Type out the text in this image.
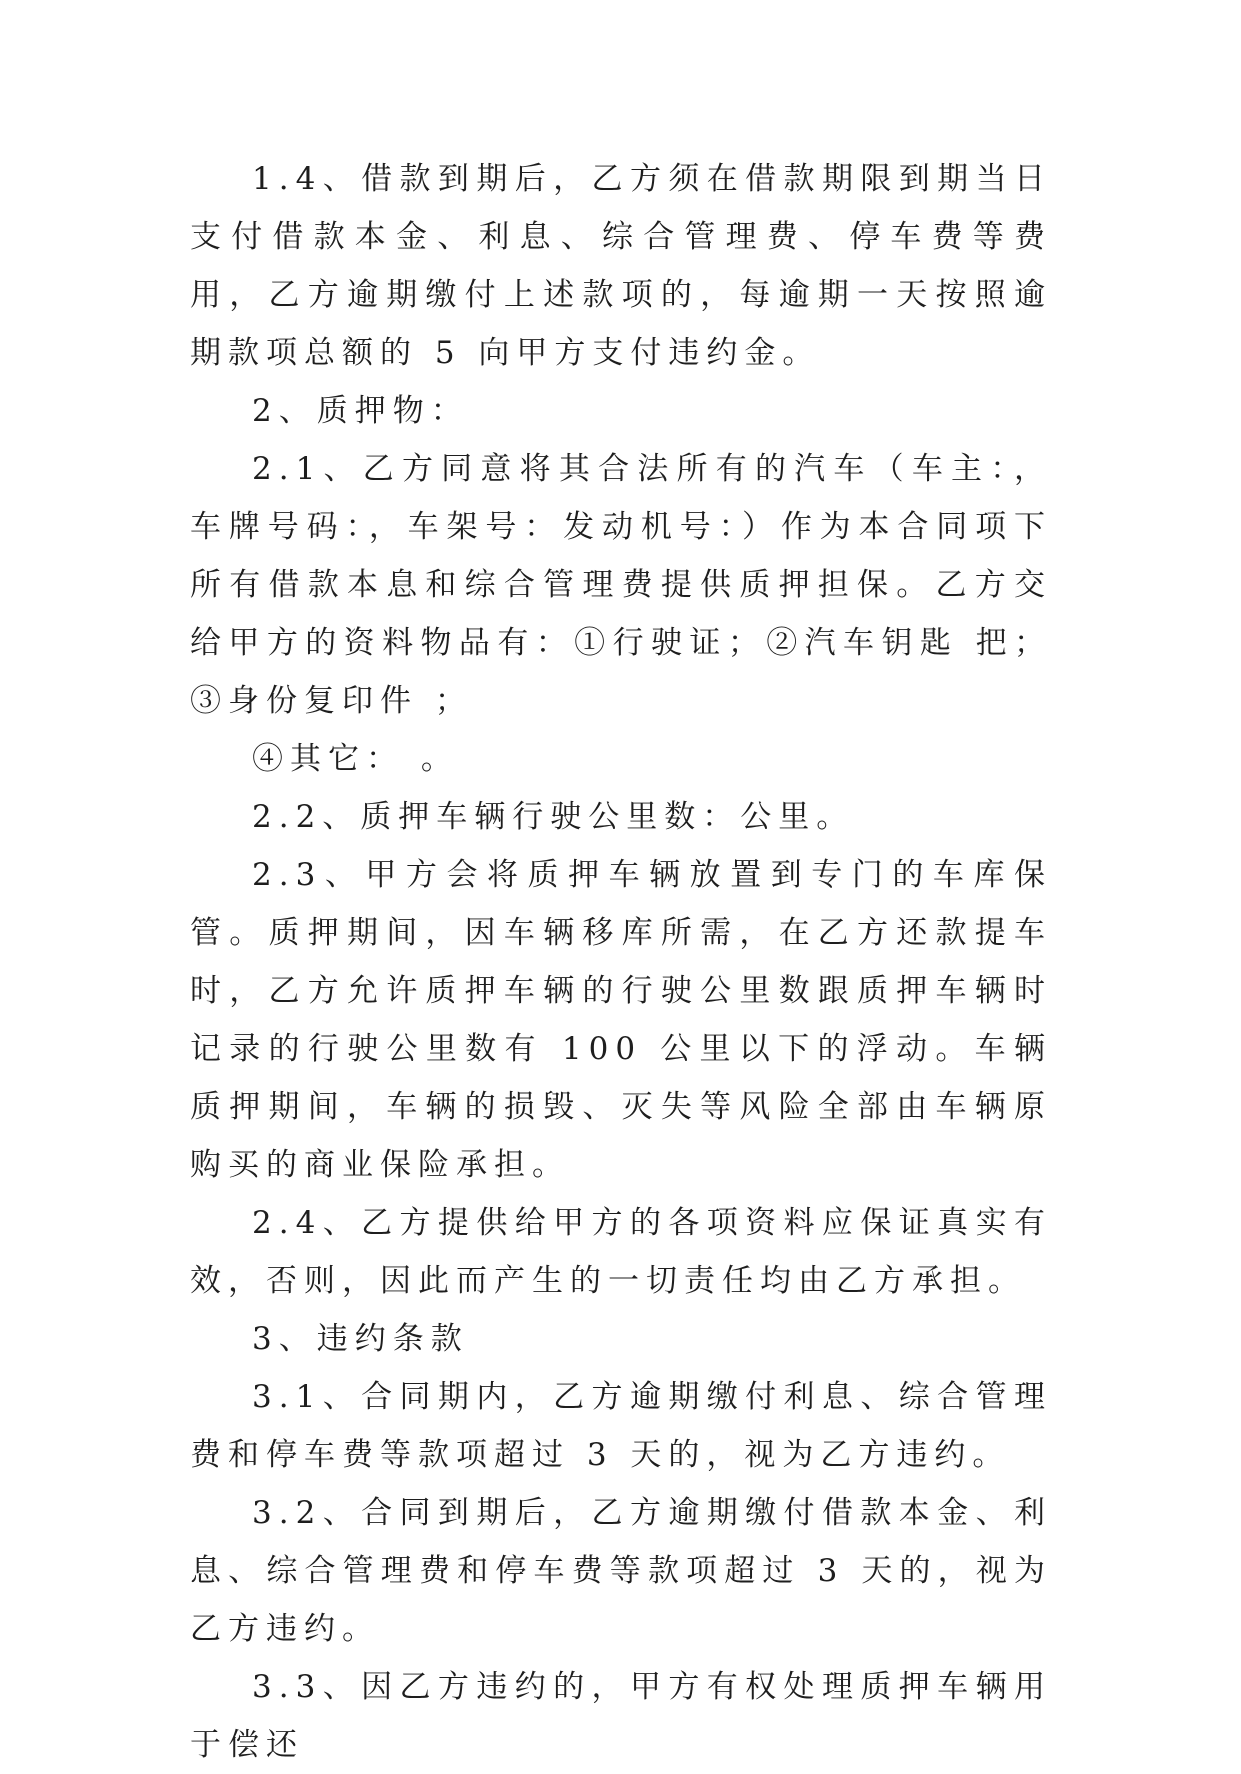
1.4、借款到期后，乙方须在借款期限到期当日支付借款本金、利息、综合管理费、停车费等费用，乙方逾期缴付上述款项的，每逾期一天按照逾期款项总额的 5 向甲方支付违约金。

2、质押物：

2.1、乙方同意将其合法所有的汽车（车主：，车牌号码：，车架号：发动机号：）作为本合同项下所有借款本息和综合管理费提供质押担保。乙方交给甲方的资料物品有：①行驶证；②汽车钥匙 把；③身份复印件 ；

④其它： 。

2.2、质押车辆行驶公里数：公里。

2.3、甲方会将质押车辆放置到专门的车库保管。质押期间，因车辆移库所需，在乙方还款提车时，乙方允许质押车辆的行驶公里数跟质押车辆时记录的行驶公里数有 100 公里以下的浮动。车辆质押期间，车辆的损毁、灭失等风险全部由车辆原购买的商业保险承担。

2.4、乙方提供给甲方的各项资料应保证真实有效，否则，因此而产生的一切责任均由乙方承担。

3、违约条款

3.1、合同期内，乙方逾期缴付利息、综合管理费和停车费等款项超过 3 天的，视为乙方违约。

3.2、合同到期后，乙方逾期缴付借款本金、利息、综合管理费和停车费等款项超过 3 天的，视为乙方违约。

3.3、因乙方违约的，甲方有权处理质押车辆用于偿还
